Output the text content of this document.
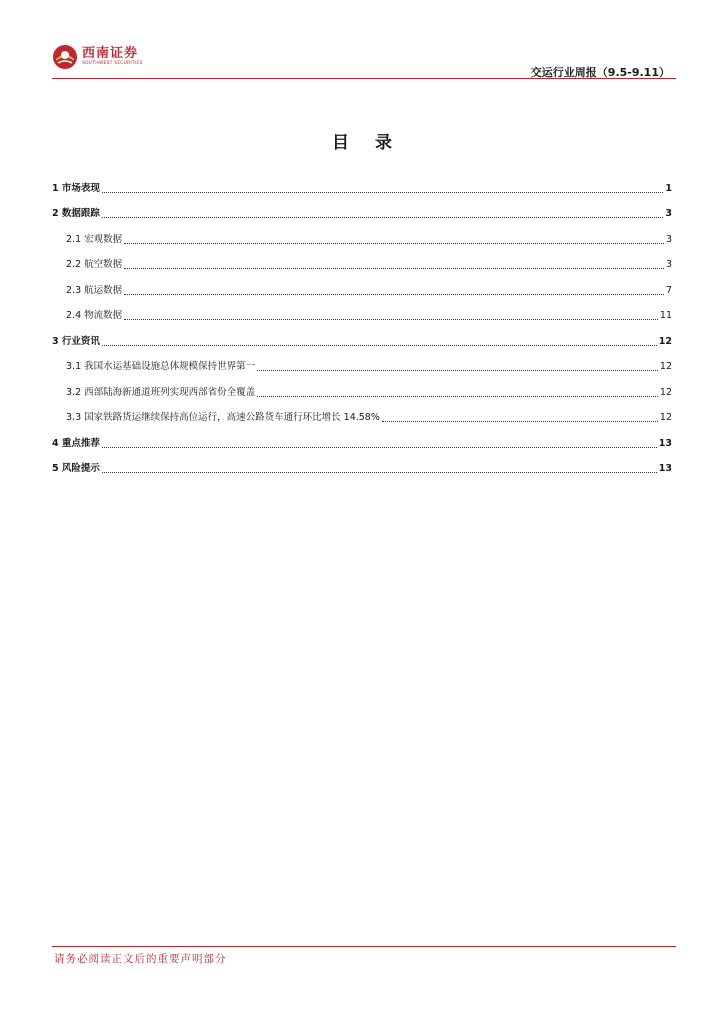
西南证券
SOUTHWEST SECURITIES
交运行业周报（9.5-9.11）
目 录
1 市场表现	1
2 数据跟踪	3
2.1 宏观数据	3
2.2 航空数据	3
2.3 航运数据	7
2.4 物流数据	11
3 行业资讯	12
3.1 我国水运基础设施总体规模保持世界第一	12
3.2 西部陆海新通道班列实现西部省份全覆盖	12
3.3 国家铁路货运继续保持高位运行，高速公路货车通行环比增长 14.58%	12
4 重点推荐	13
5 风险提示	13
请务必阅读正文后的重要声明部分
